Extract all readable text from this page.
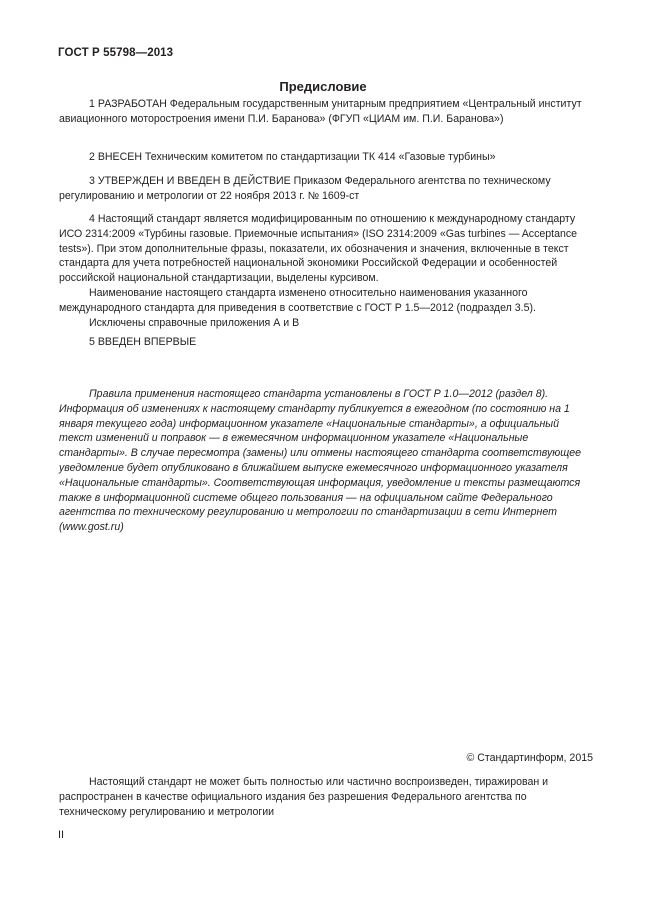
ГОСТ Р 55798—2013
Предисловие
1 РАЗРАБОТАН Федеральным государственным унитарным предприятием «Центральный институт авиационного моторостроения имени П.И. Баранова» (ФГУП «ЦИАМ им. П.И. Баранова»)
2 ВНЕСЕН Техническим комитетом по стандартизации ТК 414 «Газовые турбины»
3 УТВЕРЖДЕН И ВВЕДЕН В ДЕЙСТВИЕ Приказом Федерального агентства по техническому регулированию и метрологии от 22 ноября 2013 г. № 1609-ст
4 Настоящий стандарт является модифицированным по отношению к международному стандарту ИСО 2314:2009 «Турбины газовые. Приемочные испытания» (ISO 2314:2009 «Gas turbines — Acceptance tests»). При этом дополнительные фразы, показатели, их обозначения и значения, включенные в текст стандарта для учета потребностей национальной экономики Российской Федерации и особенностей российской национальной стандартизации, выделены курсивом.
Наименование настоящего стандарта изменено относительно наименования указанного международного стандарта для приведения в соответствие с ГОСТ Р 1.5—2012 (подраздел 3.5).
Исключены справочные приложения А и В
5 ВВЕДЕН ВПЕРВЫЕ
Правила применения настоящего стандарта установлены в ГОСТ Р 1.0—2012 (раздел 8). Информация об изменениях к настоящему стандарту публикуется в ежегодном (по состоянию на 1 января текущего года) информационном указателе «Национальные стандарты», а официальный текст изменений и поправок — в ежемесячном информационном указателе «Национальные стандарты». В случае пересмотра (замены) или отмены настоящего стандарта соответствующее уведомление будет опубликовано в ближайшем выпуске ежемесячного информационного указателя «Национальные стандарты». Соответствующая информация, уведомление и тексты размещаются также в информационной системе общего пользования — на официальном сайте Федерального агентства по техническому регулированию и метрологии по стандартизации в сети Интернет (www.gost.ru)
© Стандартинформ, 2015
Настоящий стандарт не может быть полностью или частично воспроизведен, тиражирован и распространен в качестве официального издания без разрешения Федерального агентства по техническому регулированию и метрологии
II
